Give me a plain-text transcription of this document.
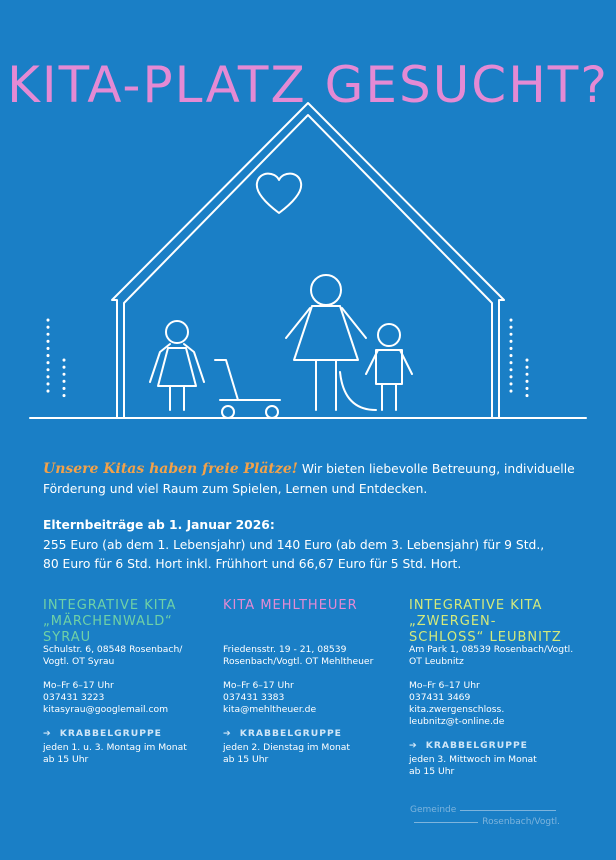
KITA-PLATZ GESUCHT?
Unsere Kitas haben freie Plätze! Wir bieten liebevolle Betreuung, individuelle Förderung und viel Raum zum Spielen, Lernen und Entdecken.
Elternbeiträge ab 1. Januar 2026:
255 Euro (ab dem 1. Lebensjahr) und 140 Euro (ab dem 3. Lebensjahr) für 9 Std.,
80 Euro für 6 Std. Hort inkl. Frühhort und 66,67 Euro für 5 Std. Hort.
INTEGRATIVE KITA
„MÄRCHENWALD“ SYRAU

Schulstr. 6, 08548 Rosenbach/
Vogtl. OT Syrau

Mo–Fr 6–17 Uhr
037431 3223
kitasyrau@googlemail.com

➔ KRABBELGRUPPE
jeden 1. u. 3. Montag im Monat
ab 15 Uhr
KITA MEHLTHEUER

Friedensstr. 19 - 21, 08539
Rosenbach/Vogtl. OT Mehltheuer

Mo–Fr 6–17 Uhr
037431 3383
kita@mehltheuer.de

➔ KRABBELGRUPPE
jeden 2. Dienstag im Monat
ab 15 Uhr
INTEGRATIVE KITA „ZWERGEN-
SCHLOSS“ LEUBNITZ

Am Park 1, 08539 Rosenbach/Vogtl.
OT Leubnitz

Mo–Fr 6–17 Uhr
037431 3469
kita.zwergenschloss.
leubnitz@t-online.de

➔ KRABBELGRUPPE
jeden 3. Mittwoch im Monat
ab 15 Uhr
Gemeinde
Rosenbach/Vogtl.
